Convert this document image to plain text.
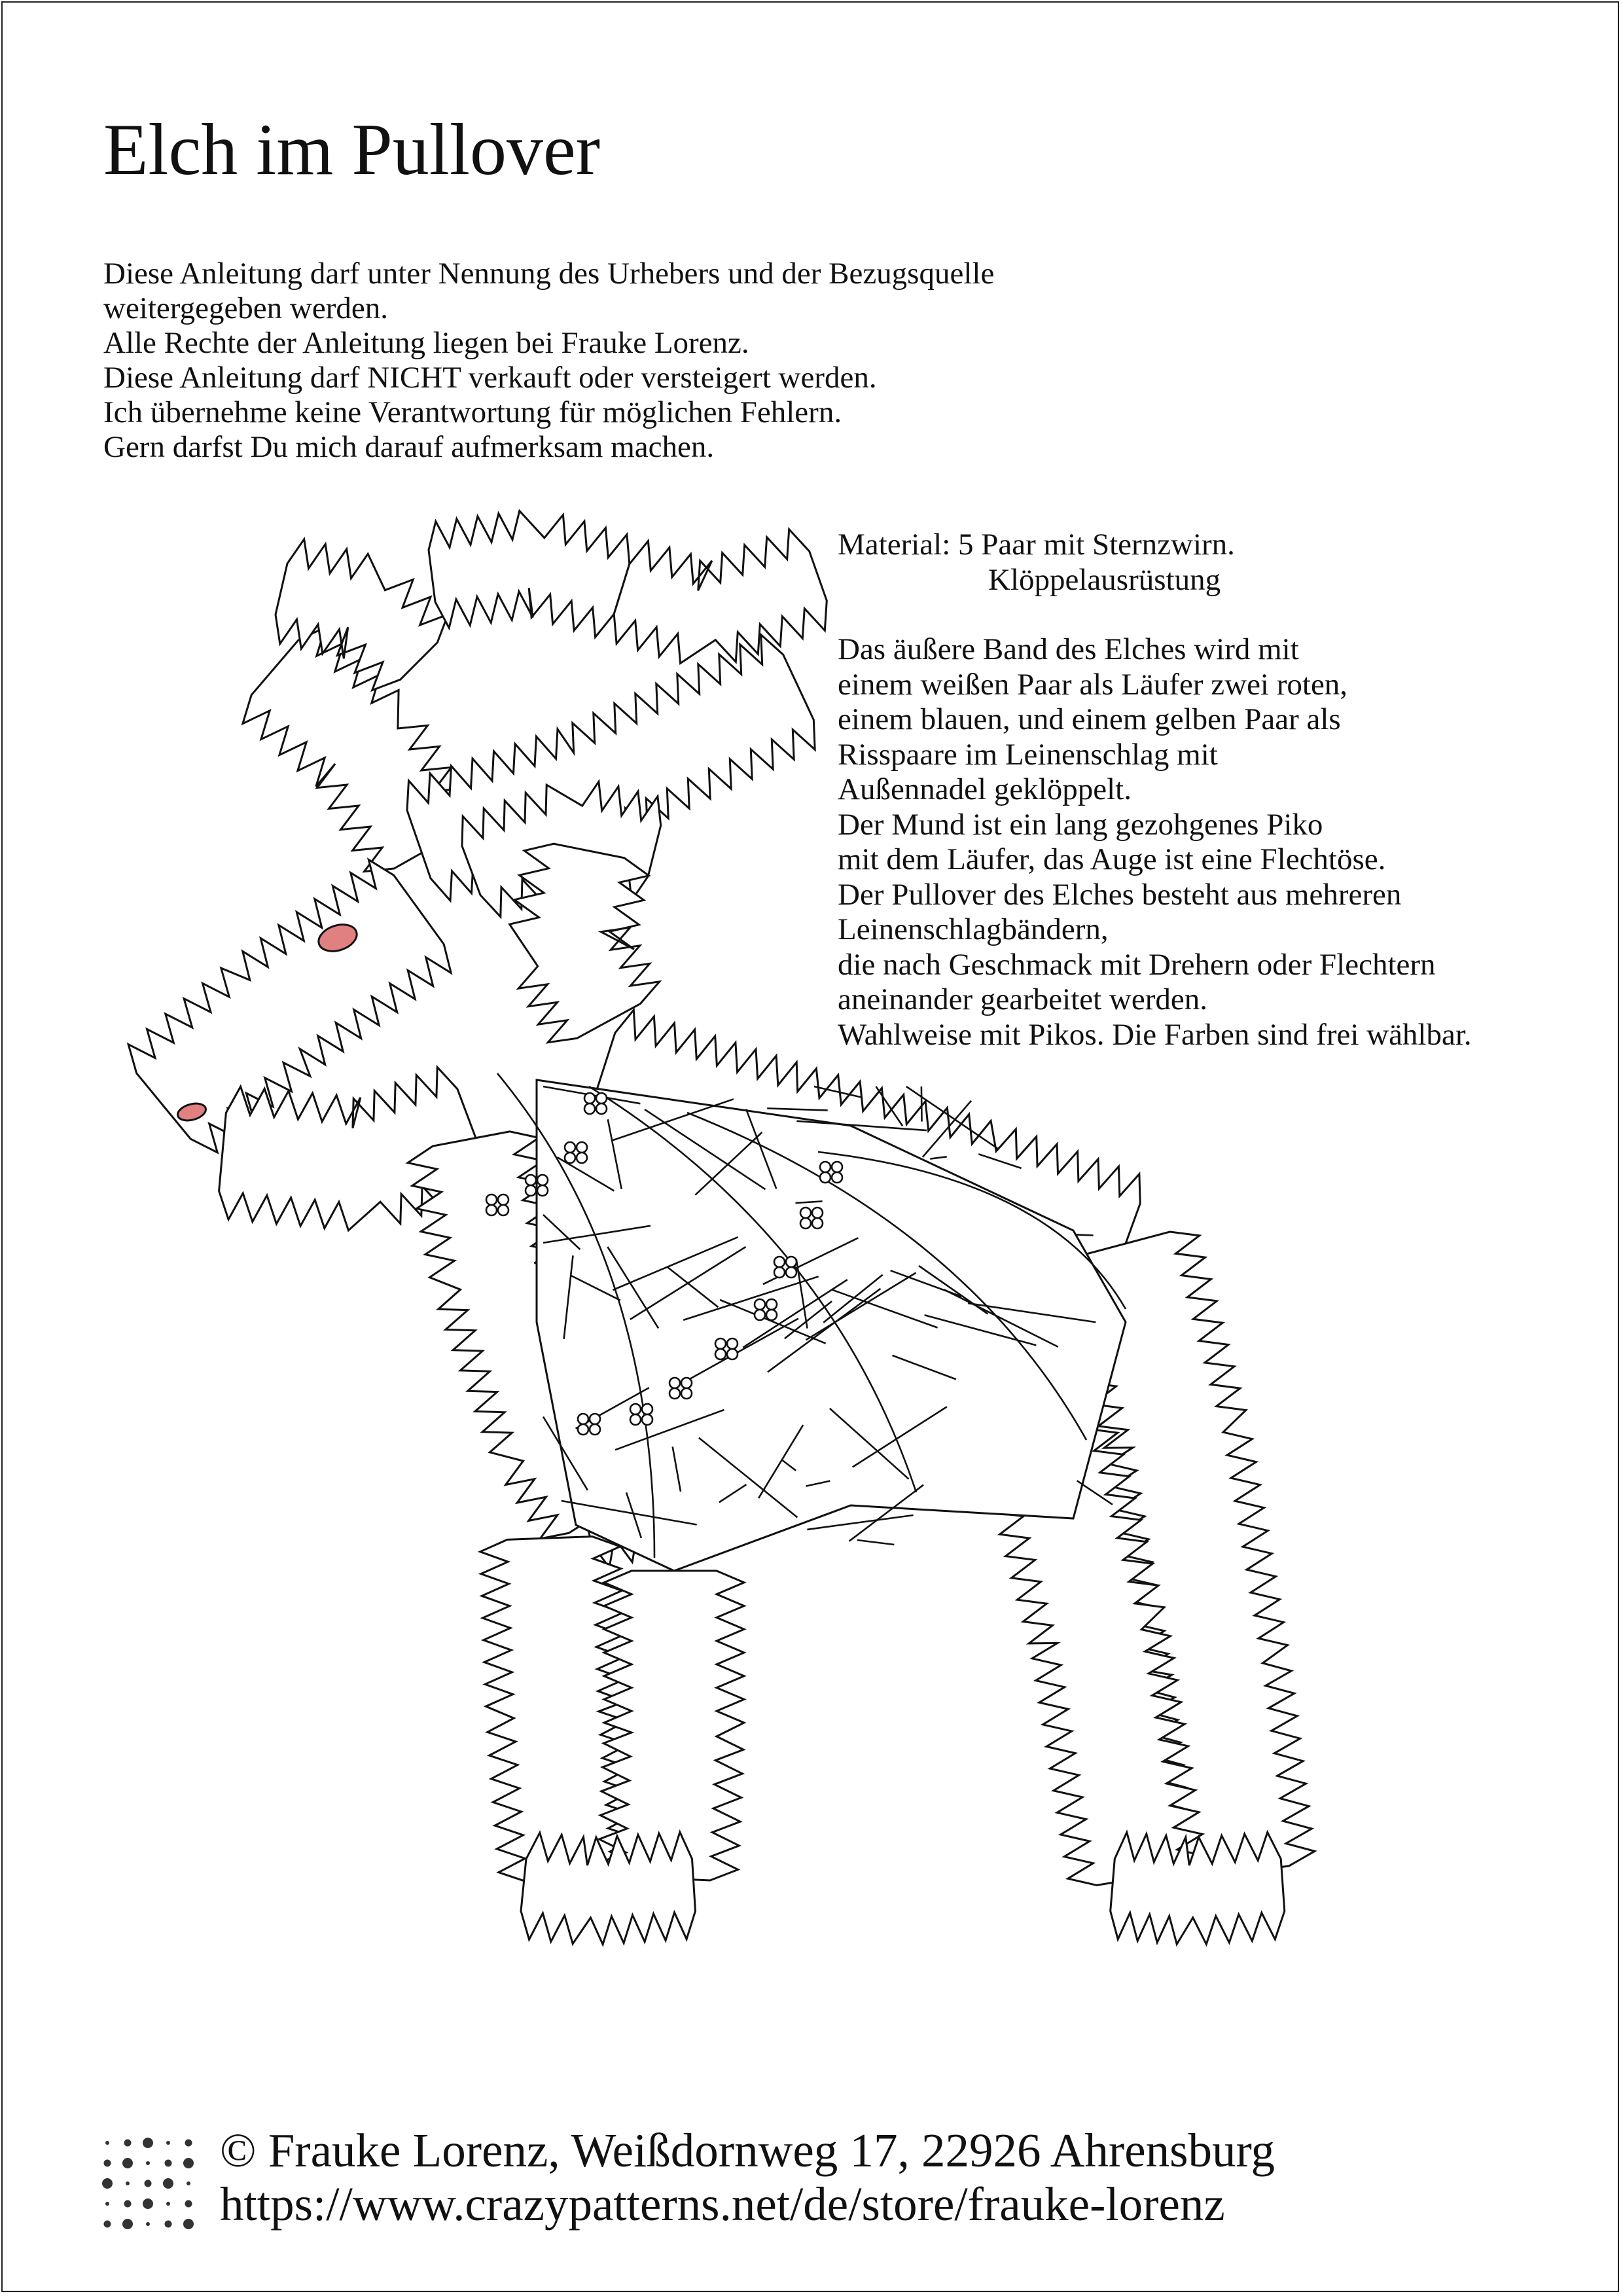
Elch im Pullover
Diese Anleitung darf unter Nennung des Urhebers und der Bezugsquelle
weitergegeben werden.
Alle Rechte der Anleitung liegen bei Frauke Lorenz.
Diese Anleitung darf NICHT verkauft oder versteigert werden.
Ich übernehme keine Verantwortung für möglichen Fehlern.
Gern darfst Du mich darauf aufmerksam machen.
Material: 5 Paar mit Sternzwirn.
Klöppelausrüstung
Das äußere Band des Elches wird mit
einem weißen Paar als Läufer zwei roten,
einem blauen, und einem gelben Paar als
Risspaare im Leinenschlag mit
Außennadel geklöppelt.
Der Mund ist ein lang gezohgenes Piko
mit dem Läufer, das Auge ist eine Flechtöse.
Der Pullover des Elches besteht aus mehreren
Leinenschlagbändern,
die nach Geschmack mit Drehern oder Flechtern
aneinander gearbeitet werden.
Wahlweise mit Pikos. Die Farben sind frei wählbar.
© Frauke Lorenz, Weißdornweg 17, 22926 Ahrensburg
https://www.crazypatterns.net/de/store/frauke-lorenz
